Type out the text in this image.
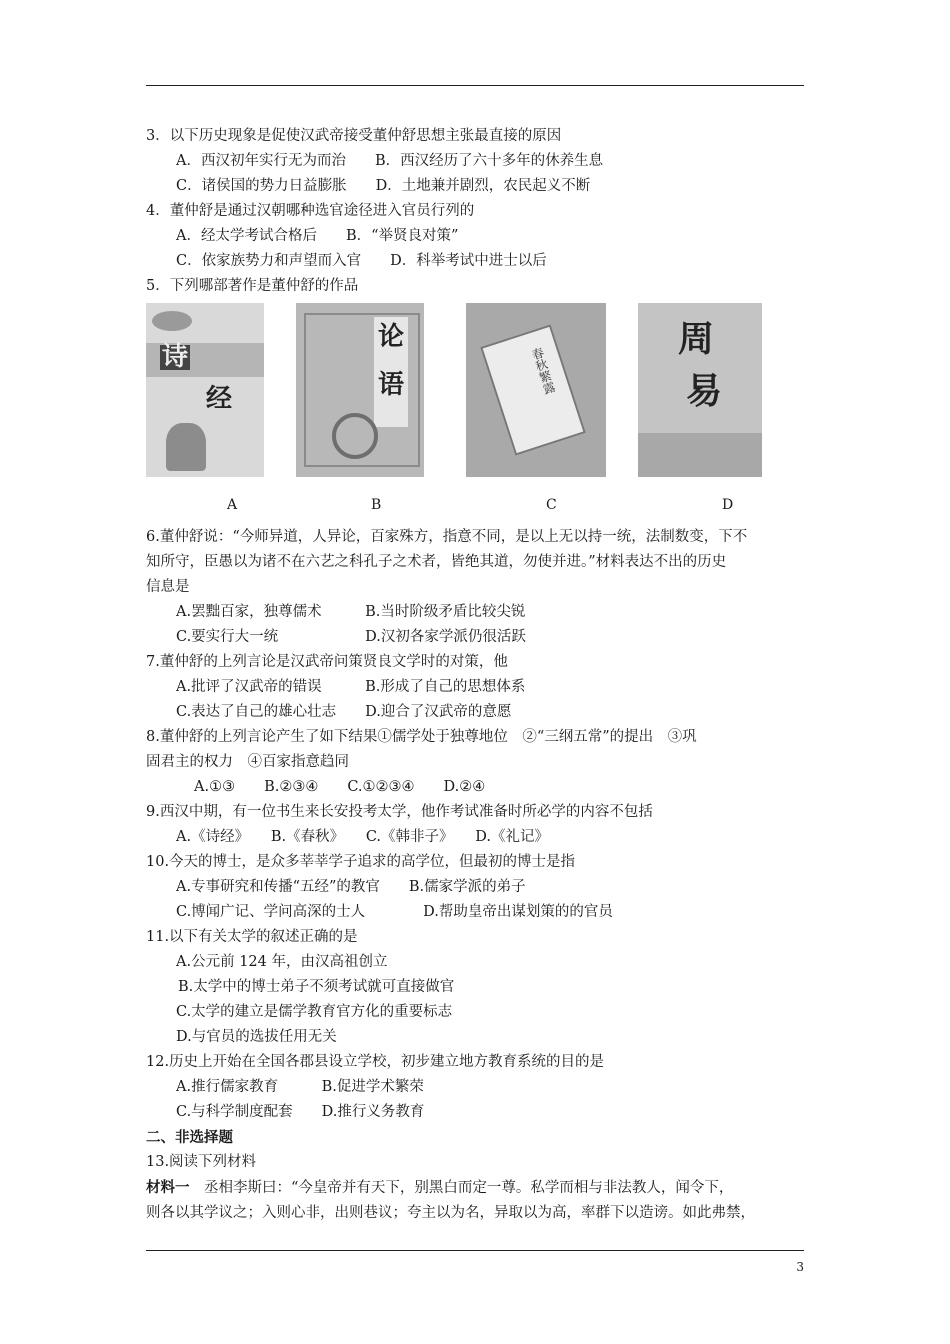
3．以下历史现象是促使汉武帝接受董仲舒思想主张最直接的原因

A．西汉初年实行无为而治　　B．西汉经历了六十多年的休养生息

C．诸侯国的势力日益膨胀　　D．土地兼并剧烈，农民起义不断

4．董仲舒是通过汉朝哪种选官途径进入官员行列的

A．经太学考试合格后　　B．“举贤良对策”

C．依家族势力和声望而入官　　D．科举考试中进士以后

5．下列哪部著作是董仲舒的作品

诗
经
论
语	春秋繁露
周
易
A	B	C	D

6.董仲舒说：“今师异道，人异论，百家殊方，指意不同，是以上无以持一统，法制数变，下不

知所守，臣愚以为诸不在六艺之科孔子之术者，皆绝其道，勿使并进。”材料表达不出的历史

信息是

A.罢黜百家，独尊儒术　　　B.当时阶级矛盾比较尖锐

C.要实行大一统　　　　　　D.汉初各家学派仍很活跃

7.董仲舒的上列言论是汉武帝问策贤良文学时的对策，他

A.批评了汉武帝的错误　　　B.形成了自己的思想体系

C.表达了自己的雄心壮志　　D.迎合了汉武帝的意愿

8.董仲舒的上列言论产生了如下结果①儒学处于独尊地位　②“三纲五常”的提出　③巩

固君主的权力　④百家指意趋同

A.①③　　B.②③④　　C.①②③④　　D.②④

9.西汉中期，有一位书生来长安投考太学，他作考试准备时所必学的内容不包括

A.《诗经》　　B.《春秋》　　C.《韩非子》　　D.《礼记》

10.今天的博士，是众多莘莘学子追求的高学位，但最初的博士是指

A.专事研究和传播“五经”的教官　　B.儒家学派的弟子

C.博闻广记、学问高深的士人　　　　D.帮助皇帝出谋划策的的官员

11.以下有关太学的叙述正确的是

A.公元前 124 年，由汉高祖创立

B.太学中的博士弟子不须考试就可直接做官

C.太学的建立是儒学教育官方化的重要标志

D.与官员的选拔任用无关

12.历史上开始在全国各郡县设立学校，初步建立地方教育系统的目的是

A.推行儒家教育　　　B.促进学术繁荣

C.与科学制度配套　　D.推行义务教育

二、非选择题

13.阅读下列材料

材料一　丞相李斯曰：“今皇帝并有天下，别黑白而定一尊。私学而相与非法教人，闻令下，

则各以其学议之；入则心非，出则巷议；夸主以为名，异取以为高，率群下以造谤。如此弗禁，

3
